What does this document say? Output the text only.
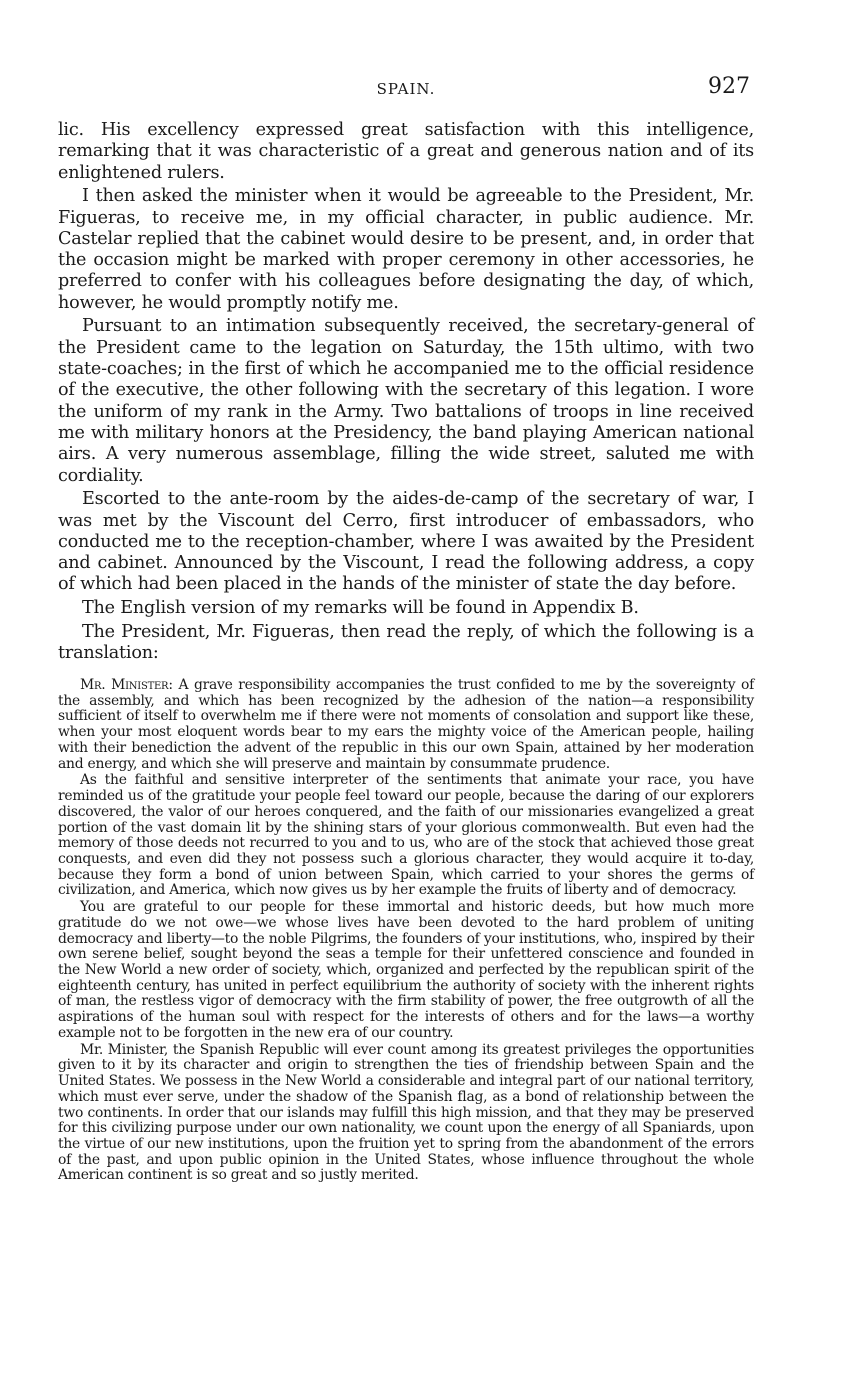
SPAIN.	927

lic. His excellency expressed great satisfaction with this intelligence, remarking that it was characteristic of a great and generous nation and of its enlightened rulers.

I then asked the minister when it would be agreeable to the President, Mr. Figueras, to receive me, in my official character, in public audience. Mr. Castelar replied that the cabinet would desire to be present, and, in order that the occasion might be marked with proper ceremony in other accessories, he preferred to confer with his colleagues before designating the day, of which, however, he would promptly notify me.

Pursuant to an intimation subsequently received, the secretary-general of the President came to the legation on Saturday, the 15th ultimo, with two state-coaches; in the first of which he accompanied me to the official residence of the executive, the other following with the secretary of this legation. I wore the uniform of my rank in the Army. Two battalions of troops in line received me with military honors at the Presidency, the band playing American national airs. A very numerous assemblage, filling the wide street, saluted me with cordiality.

Escorted to the ante-room by the aides-de-camp of the secretary of war, I was met by the Viscount del Cerro, first introducer of embassadors, who conducted me to the reception-chamber, where I was awaited by the President and cabinet. Announced by the Viscount, I read the following address, a copy of which had been placed in the hands of the minister of state the day before.

The English version of my remarks will be found in Appendix B.

The President, Mr. Figueras, then read the reply, of which the following is a translation:

Mr. Minister: A grave responsibility accompanies the trust confided to me by the sovereignty of the assembly, and which has been recognized by the adhesion of the nation—a responsibility sufficient of itself to overwhelm me if there were not moments of consolation and support like these, when your most eloquent words bear to my ears the mighty voice of the American people, hailing with their benediction the advent of the republic in this our own Spain, attained by her moderation and energy, and which she will preserve and maintain by consummate prudence.

As the faithful and sensitive interpreter of the sentiments that animate your race, you have reminded us of the gratitude your people feel toward our people, because the daring of our explorers discovered, the valor of our heroes conquered, and the faith of our missionaries evangelized a great portion of the vast domain lit by the shining stars of your glorious commonwealth. But even had the memory of those deeds not recurred to you and to us, who are of the stock that achieved those great conquests, and even did they not possess such a glorious character, they would acquire it to-day, because they form a bond of union between Spain, which carried to your shores the germs of civilization, and America, which now gives us by her example the fruits of liberty and of democracy.

You are grateful to our people for these immortal and historic deeds, but how much more gratitude do we not owe—we whose lives have been devoted to the hard problem of uniting democracy and liberty—to the noble Pilgrims, the founders of your institutions, who, inspired by their own serene belief, sought beyond the seas a temple for their unfettered conscience and founded in the New World a new order of society, which, organized and perfected by the republican spirit of the eighteenth century, has united in perfect equilibrium the authority of society with the inherent rights of man, the restless vigor of democracy with the firm stability of power, the free outgrowth of all the aspirations of the human soul with respect for the interests of others and for the laws—a worthy example not to be forgotten in the new era of our country.

Mr. Minister, the Spanish Republic will ever count among its greatest privileges the opportunities given to it by its character and origin to strengthen the ties of friendship between Spain and the United States. We possess in the New World a considerable and integral part of our national territory, which must ever serve, under the shadow of the Spanish flag, as a bond of relationship between the two continents. In order that our islands may fulfill this high mission, and that they may be preserved for this civilizing purpose under our own nationality, we count upon the energy of all Spaniards, upon the virtue of our new institutions, upon the fruition yet to spring from the abandonment of the errors of the past, and upon public opinion in the United States, whose influence throughout the whole American continent is so great and so justly merited.
